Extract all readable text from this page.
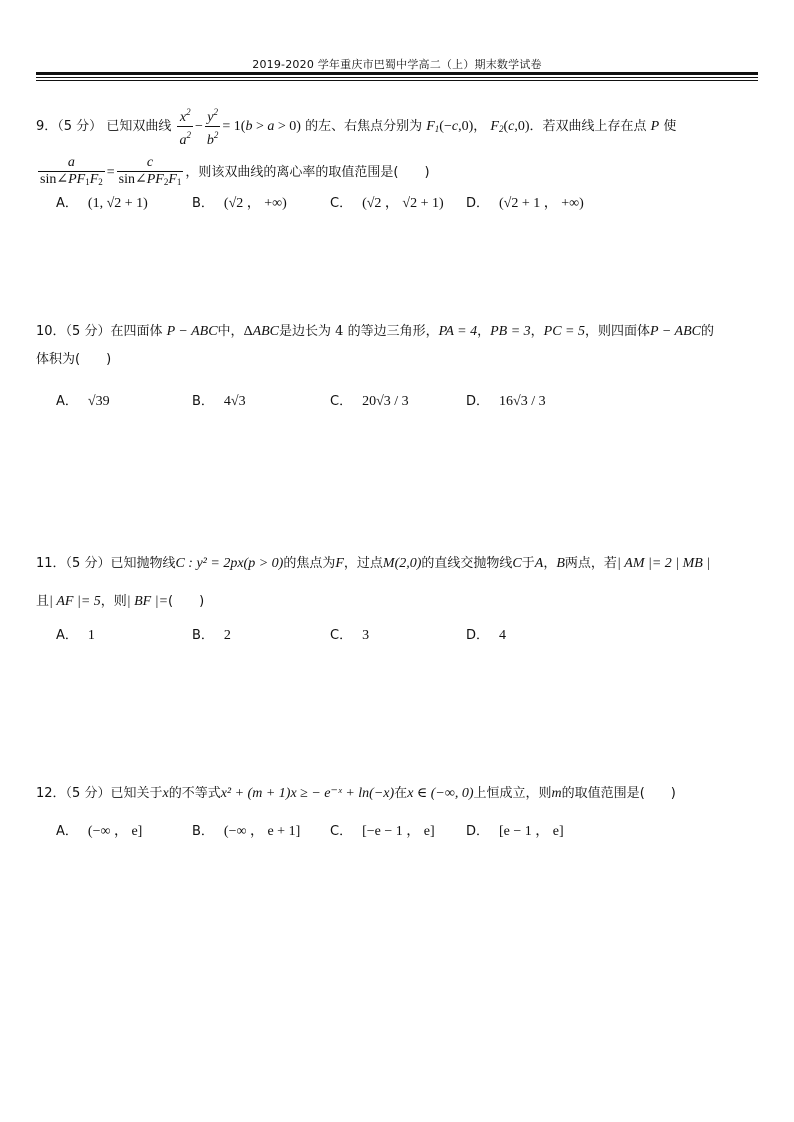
2019-2020 学年重庆市巴蜀中学高二（上）期末数学试卷
9．（5 分） 已知双曲线 $\frac{x^2}{a^2} - \frac{y^2}{b^2} = 1(b > a > 0)$ 的左、右焦点分别为 $F_1(-c,0)$， $F_2(c,0)$．若双曲线上存在点 P 使
$\frac{a}{\sin\angle PF_1F_2} = \frac{c}{\sin\angle PF_2F_1}$ ，则该双曲线的离心率的取值范围是(　　)
A． (1, √2 + 1)	B． (√2 ， +∞)	C． (√2 ， √2 + 1) D． (√2 + 1 ， +∞)
10．（5 分）在四面体 P − ABC中，ΔABC是边长为 4 的等边三角形，PA = 4，PB = 3，PC = 5，则四面体P − ABC的
体积为(　　)
A． √39	B． 4√3	C． 20√3 / 3	D． 16√3 / 3
11．（5 分）已知抛物线C : y² = 2px(p > 0)的焦点为F，过点M(2,0)的直线交抛物线C于A，B两点，若| AM |= 2 | MB |
且| AF |= 5，则| BF |=(　　)
A． 1	B． 2	C． 3	D． 4
12．（5 分）已知关于x的不等式x² + (m + 1)x ≥ − e⁻ˣ + ln(−x)在x ∈ (−∞, 0)上恒成立，则m的取值范围是(　　)
A． (−∞ ， e]	B． (−∞ ， e + 1] C． [−e − 1 ， e] D． [e − 1 ， e]
